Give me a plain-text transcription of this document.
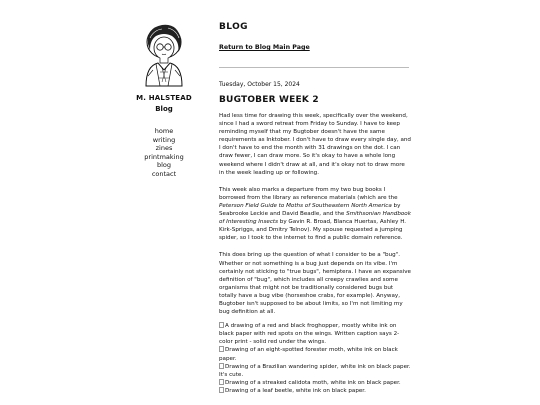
M. HALSTEAD
Blog
home
writing
zines
printmaking
blog
contact
BLOG
Return to Blog Main Page
Tuesday, October 15, 2024
BUGTOBER WEEK 2

Had less time for drawing this week, specifically over the weekend, since I had a sword retreat from Friday to Sunday. I have to keep reminding myself that my Bugtober doesn't have the same requirements as Inktober. I don't have to draw every single day, and I don't have to end the month with 31 drawings on the dot. I can draw fewer, I can draw more. So it's okay to have a whole long weekend where I didn't draw at all, and it's okay not to draw more in the week leading up or following.

This week also marks a departure from my two bug books I borrowed from the library as reference materials (which are the Peterson Field Guide to Moths of Southeastern North America by Seabrooke Leckie and David Beadle, and the Smithsonian Handbook of Interesting Insects by Gavin R. Broad, Blanca Huertas, Ashley H. Kirk-Spriggs, and Dmitry Telnov). My spouse requested a jumping spider, so I took to the internet to find a public domain reference.

This does bring up the question of what I consider to be a "bug". Whether or not something is a bug just depends on its vibe. I'm certainly not sticking to "true bugs", hemiptera. I have an expansive definition of "bug", which includes all creepy crawlies and some organisms that might not be traditionally considered bugs but totally have a bug vibe (horseshoe crabs, for example). Anyway, Bugtober isn't supposed to be about limits, so I'm not limiting my bug definition at all.

A drawing of a red and black froghopper, mostly white ink on black paper with red spots on the wings. Written caption says 2-color print - solid red under the wings.

Drawing of an eight-spotted forester moth, white ink on black paper.

Drawing of a Brazilian wandering spider, white ink on black paper. It's cute.

Drawing of a streaked calidota moth, white ink on black paper.

Drawing of a leaf beetle, white ink on black paper.
